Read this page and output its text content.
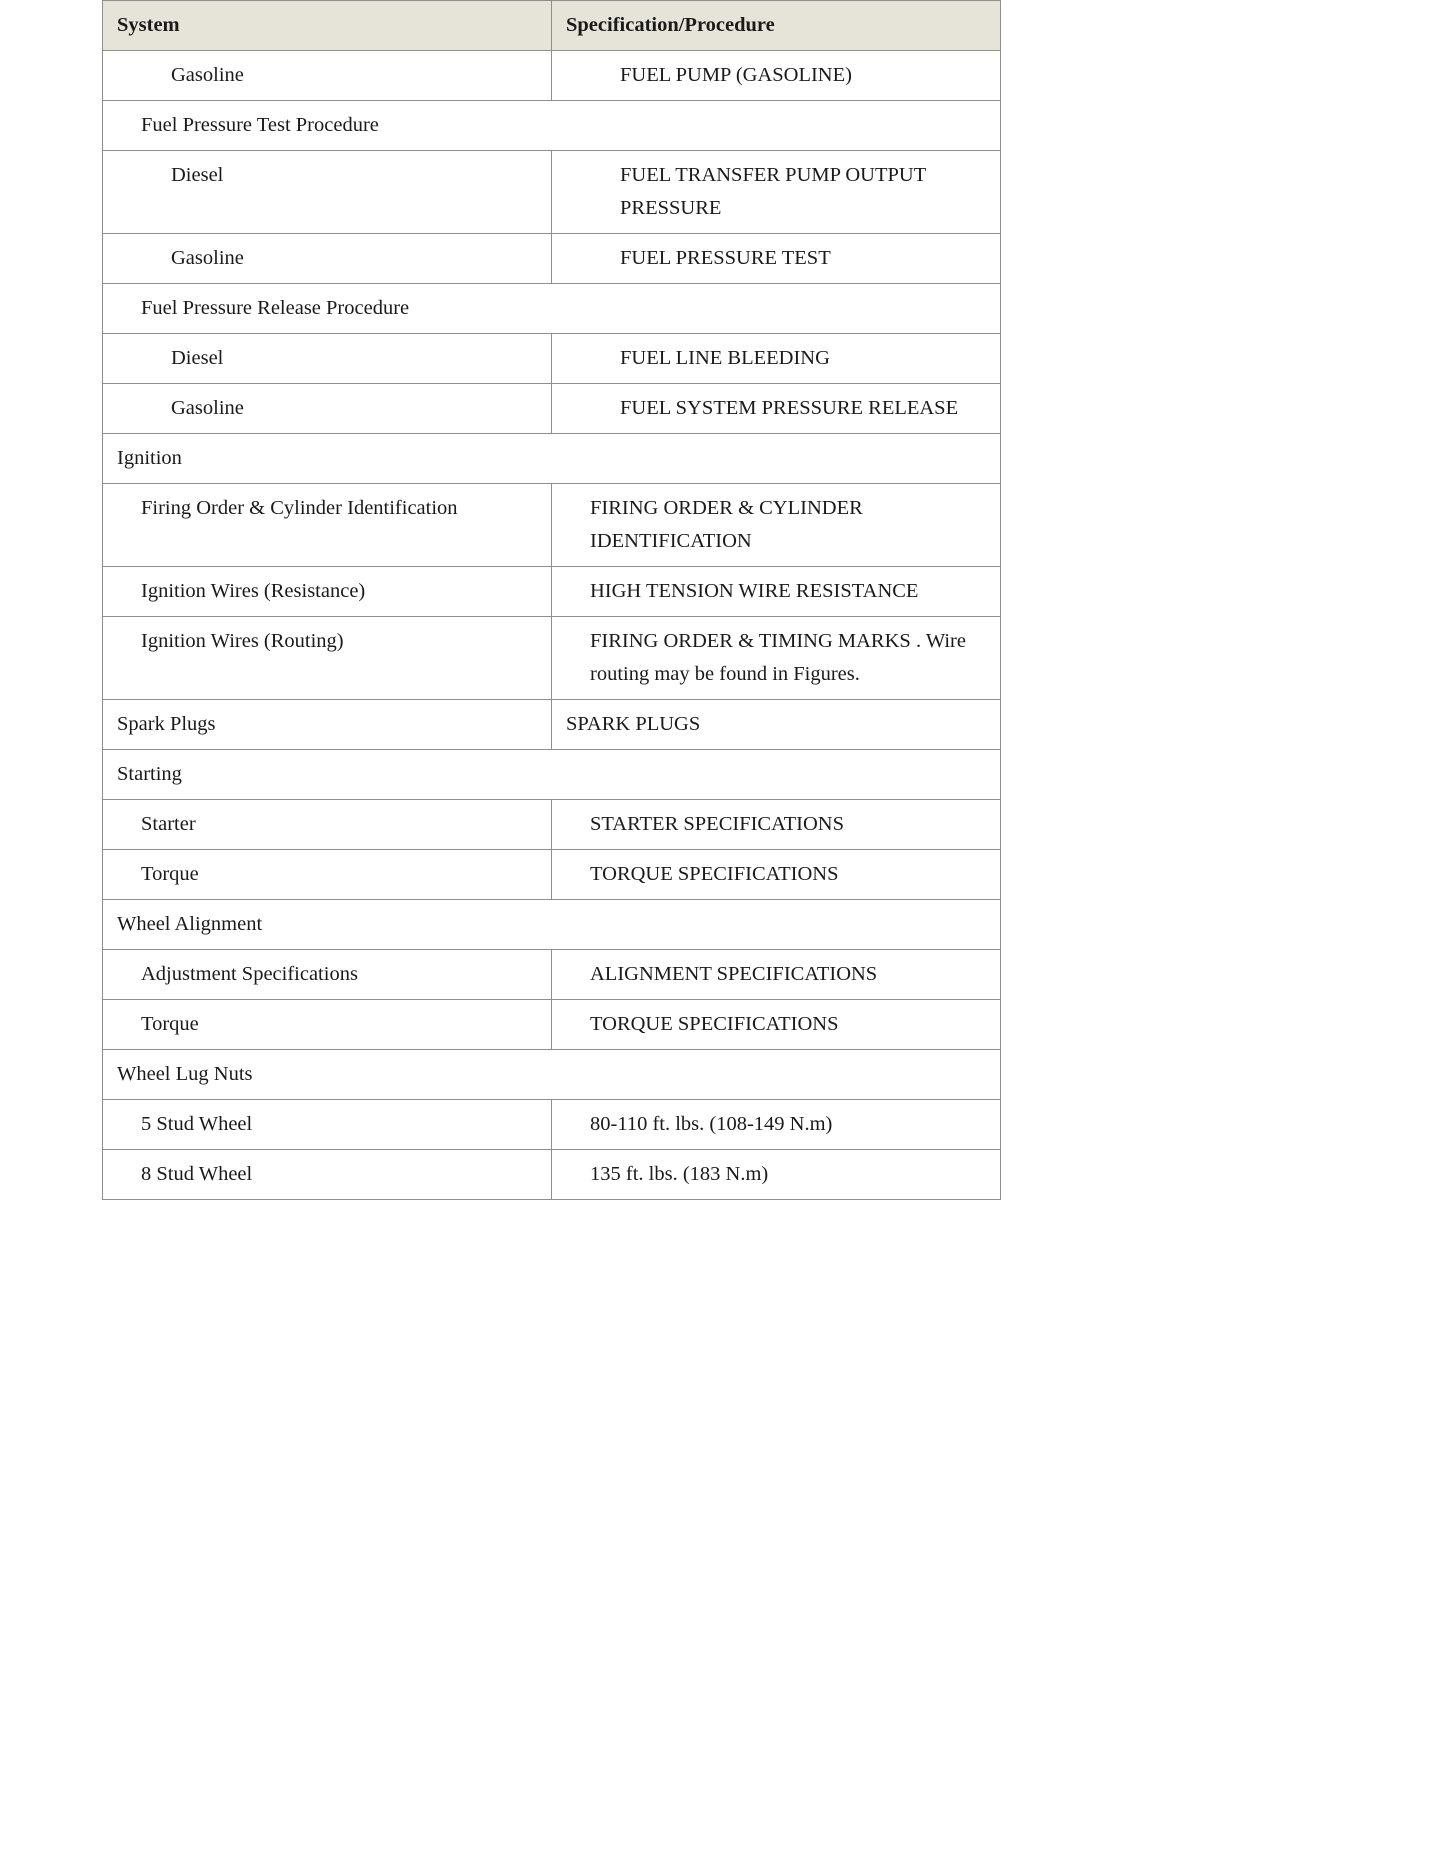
System	Specification/Procedure
Gasoline	FUEL PUMP (GASOLINE)
Fuel Pressure Test Procedure	
Diesel	FUEL TRANSFER PUMP OUTPUT PRESSURE
Gasoline	FUEL PRESSURE TEST
Fuel Pressure Release Procedure	
Diesel	FUEL LINE BLEEDING
Gasoline	FUEL SYSTEM PRESSURE RELEASE
Ignition	
Firing Order & Cylinder Identification	FIRING ORDER & CYLINDER IDENTIFICATION
Ignition Wires (Resistance)	HIGH TENSION WIRE RESISTANCE
Ignition Wires (Routing)	FIRING ORDER & TIMING MARKS . Wire routing may be found in Figures.
Spark Plugs	SPARK PLUGS
Starting	
Starter	STARTER SPECIFICATIONS
Torque	TORQUE SPECIFICATIONS
Wheel Alignment	
Adjustment Specifications	ALIGNMENT SPECIFICATIONS
Torque	TORQUE SPECIFICATIONS
Wheel Lug Nuts	
5 Stud Wheel	80-110 ft. lbs. (108-149 N.m)
8 Stud Wheel	135 ft. lbs. (183 N.m)
